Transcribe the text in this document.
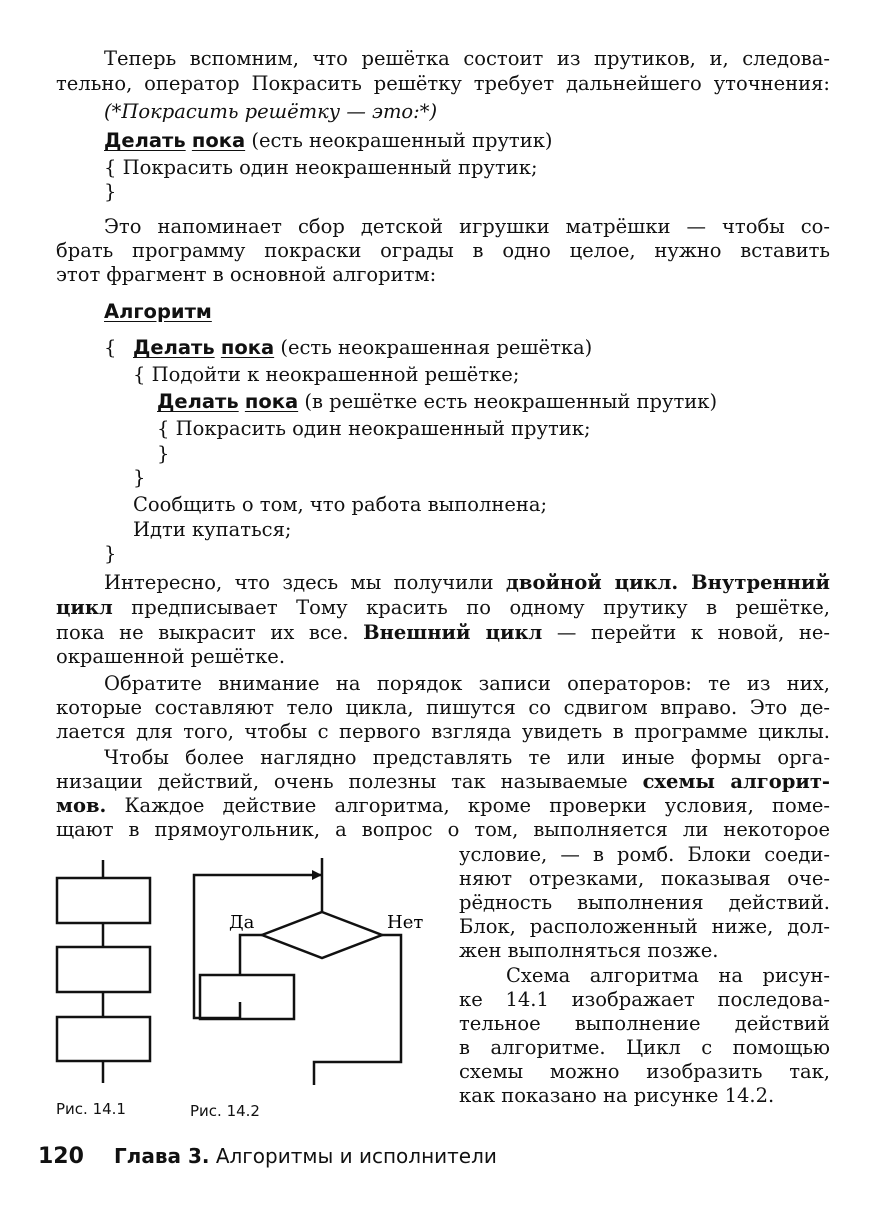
Теперь вспомним, что решётка состоит из прутиков, и, следова-
тельно, оператор Покрасить решётку требует дальнейшего уточнения:
(*Покрасить решётку — это:*)
Делать пока (есть неокрашенный прутик)
{ Покрасить один неокрашенный прутик;
}
Это напоминает сбор детской игрушки матрёшки — чтобы со-
брать программу покраски ограды в одно целое, нужно вставить
этот фрагмент в основной алгоритм:
Алгоритм
{ Делать пока (есть неокрашенная решётка)
{ Подойти к неокрашенной решётке;
Делать пока (в решётке есть неокрашенный прутик)
{ Покрасить один неокрашенный прутик;
}
}
Сообщить о том, что работа выполнена;
Идти купаться;
}
Интересно, что здесь мы получили двойной цикл. Внутренний
цикл предписывает Тому красить по одному прутику в решётке,
пока не выкрасит их все. Внешний цикл — перейти к новой, не-
окрашенной решётке.
Обратите внимание на порядок записи операторов: те из них,
которые составляют тело цикла, пишутся со сдвигом вправо. Это де-
лается для того, чтобы с первого взгляда увидеть в программе циклы.
Чтобы более наглядно представлять те или иные формы орга-
низации действий, очень полезны так называемые схемы алгорит-
мов. Каждое действие алгоритма, кроме проверки условия, поме-
щают в прямоугольник, а вопрос о том, выполняется ли некоторое
условие, — в ромб. Блоки соеди-
няют отрезками, показывая оче-
рёдность выполнения действий.
Блок, расположенный ниже, дол-
жен выполняться позже.
Схема алгоритма на рисун-
ке 14.1 изображает последова-
тельное выполнение действий
в алгоритме. Цикл с помощью
схемы можно изобразить так,
как показано на рисунке 14.2.
Да	Нет
Рис. 14.1	Рис. 14.2
120 Глава 3. Алгоритмы и исполнители
